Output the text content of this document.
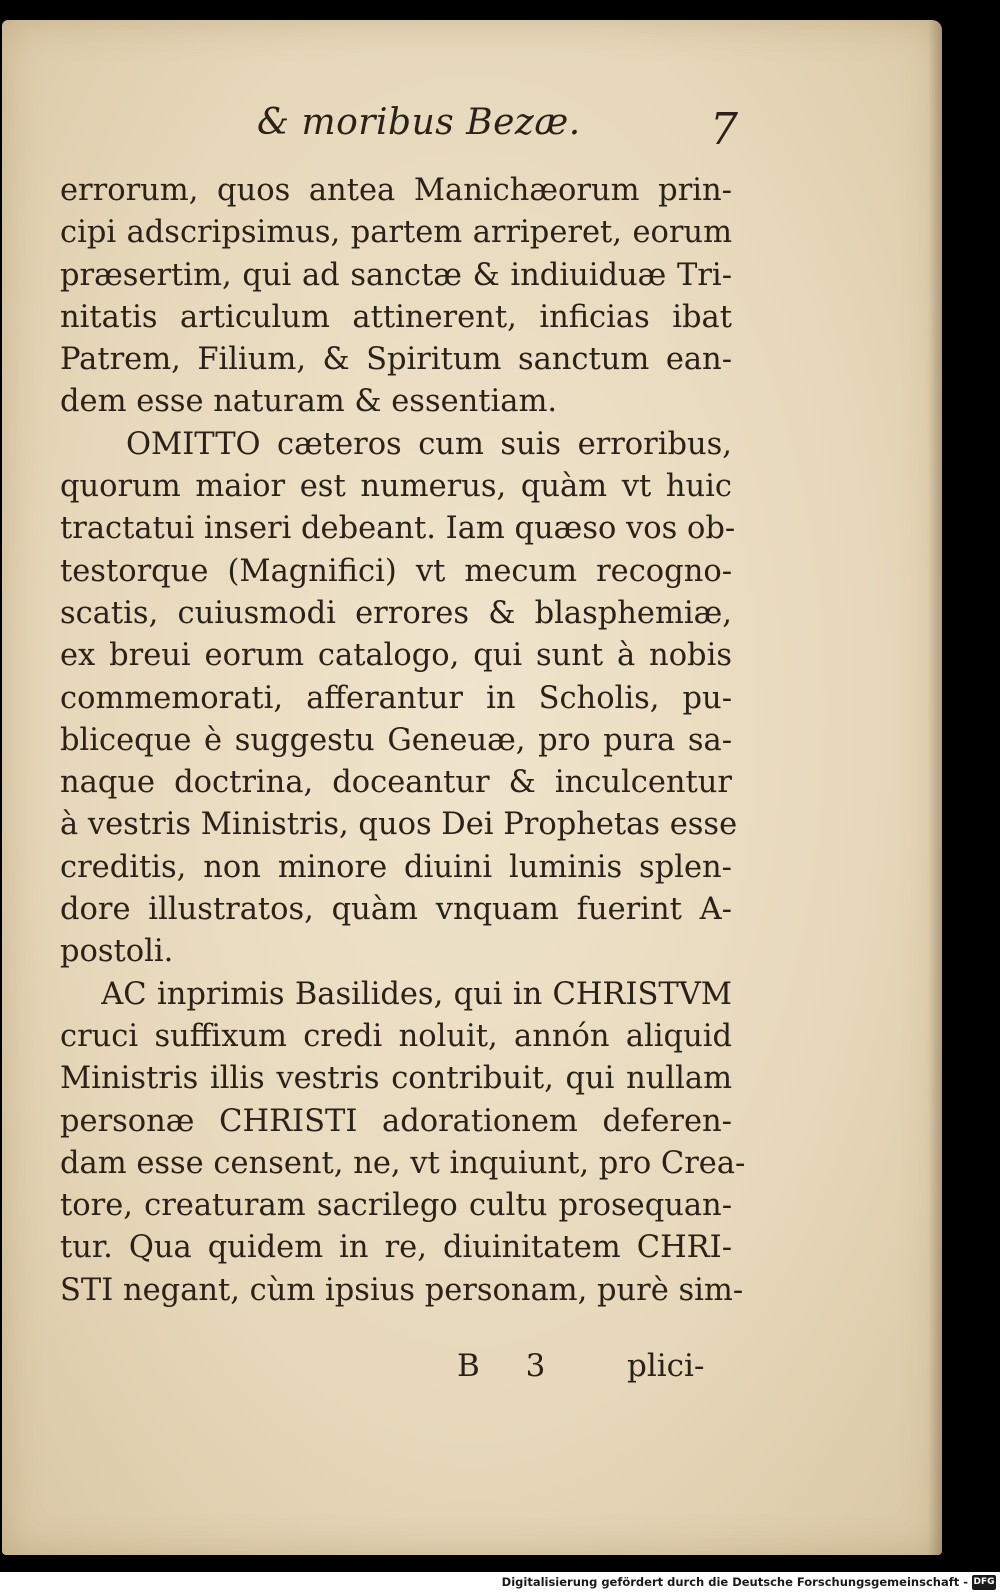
& moribus Bezæ.	7
errorum, quos antea Manichæorum prin-
cipi adscripsimus, partem arriperet, eorum
præsertim, qui ad sanctæ & indiuiduæ Tri-
nitatis articulum attinerent, inficias ibat
Patrem, Filium, & Spiritum sanctum ean-
dem esse naturam & essentiam.
OMITTO cæteros cum suis erroribus,
quorum maior est numerus, quàm vt huic
tractatui inseri debeant. Iam quæso vos ob-
testorque (Magnifici) vt mecum recogno-
scatis, cuiusmodi errores & blasphemiæ,
ex breui eorum catalogo, qui sunt à nobis
commemorati, afferantur in Scholis, pu-
bliceque è suggestu Geneuæ, pro pura sa-
naque doctrina, doceantur & inculcentur
à vestris Ministris, quos Dei Prophetas esse
creditis, non minore diuini luminis splen-
dore illustratos, quàm vnquam fuerint A-
postoli.
AC inprimis Basilides, qui in CHRISTVM
cruci suffixum credi noluit, annón aliquid
Ministris illis vestris contribuit, qui nullam
personæ CHRISTI adorationem deferen-
dam esse censent, ne, vt inquiunt, pro Crea-
tore, creaturam sacrilego cultu prosequan-
tur. Qua quidem in re, diuinitatem CHRI-
STI negant, cùm ipsius personam, purè sim-
B 3 plici-
Digitalisierung gefördert durch die Deutsche Forschungsgemeinschaft - DFG
